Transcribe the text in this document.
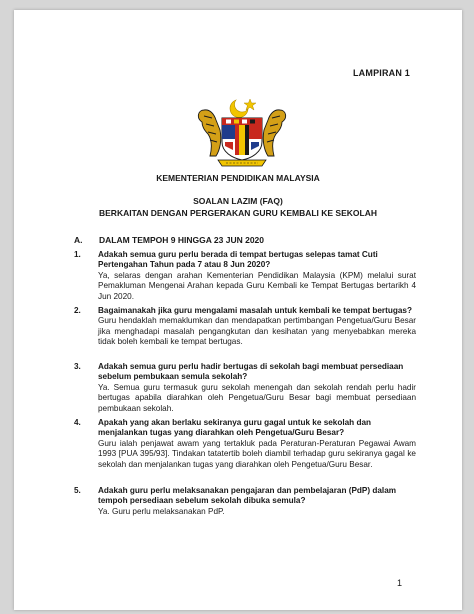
LAMPIRAN 1
KEMENTERIAN PENDIDIKAN MALAYSIA
SOALAN LAZIM (FAQ)
BERKAITAN DENGAN PERGERAKAN GURU KEMBALI KE SEKOLAH
A. DALAM TEMPOH 9 HINGGA 23 JUN 2020
1. Adakah semua guru perlu berada di tempat bertugas selepas tamat Cuti Pertengahan Tahun pada 7 atau 8 Jun 2020?
Ya, selaras dengan arahan Kementerian Pendidikan Malaysia (KPM) melalui surat Pemakluman Mengenai Arahan kepada Guru Kembali ke Tempat Bertugas bertarikh 4 Jun 2020.
2. Bagaimanakah jika guru mengalami masalah untuk kembali ke tempat bertugas?
Guru hendaklah memaklumkan dan mendapatkan pertimbangan Pengetua/Guru Besar jika menghadapi masalah pengangkutan dan kesihatan yang menyebabkan mereka tidak boleh kembali ke tempat bertugas.
3. Adakah semua guru perlu hadir bertugas di sekolah bagi membuat persediaan sebelum pembukaan semula sekolah?
Ya. Semua guru termasuk guru sekolah menengah dan sekolah rendah perlu hadir bertugas apabila diarahkan oleh Pengetua/Guru Besar bagi membuat persediaan pembukaan sekolah.
4. Apakah yang akan berlaku sekiranya guru gagal untuk ke sekolah dan menjalankan tugas yang diarahkan oleh Pengetua/Guru Besar?
Guru ialah penjawat awam yang tertakluk pada Peraturan-Peraturan Pegawai Awam 1993 [PUA 395/93]. Tindakan tatatertib boleh diambil terhadap guru sekiranya gagal ke sekolah dan menjalankan tugas yang diarahkan oleh Pengetua/Guru Besar.
5. Adakah guru perlu melaksanakan pengajaran dan pembelajaran (PdP) dalam tempoh persediaan sebelum sekolah dibuka semula?
Ya. Guru perlu melaksanakan PdP.
1
